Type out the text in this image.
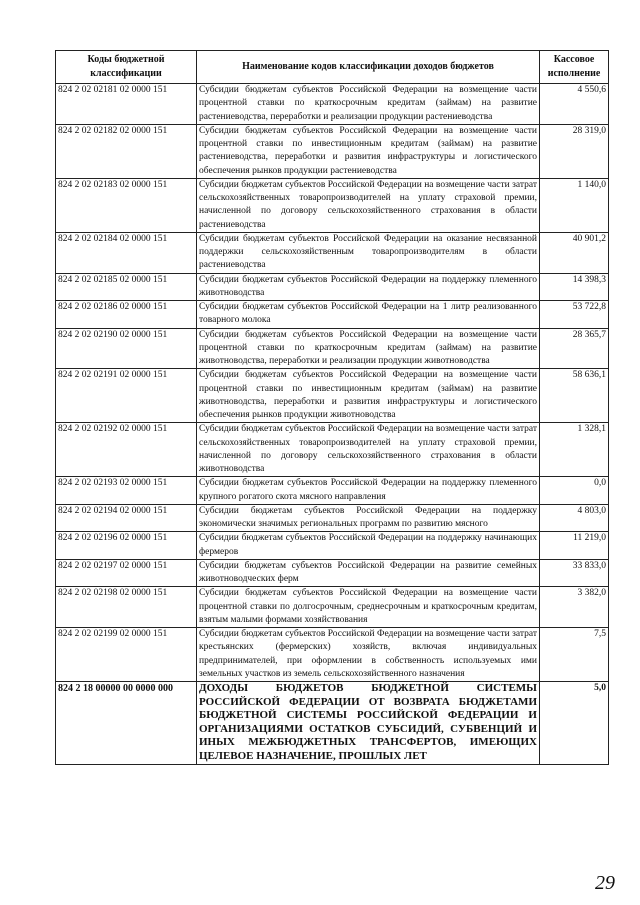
Коды бюджетной классификации	Наименование кодов классификации доходов бюджетов	Кассовое исполнение
824 2 02 02181 02 0000 151	Субсидии бюджетам субъектов Российской Федерации на возмещение части процентной ставки по краткосрочным кредитам (займам) на развитие растениеводства, переработки и реализации продукции растениеводства	4 550,6
824 2 02 02182 02 0000 151	Субсидии бюджетам субъектов Российской Федерации на возмещение части процентной ставки по инвестиционным кредитам (займам) на развитие растениеводства, переработки и развития инфраструктуры и логистического обеспечения рынков продукции растениеводства	28 319,0
824 2 02 02183 02 0000 151	Субсидии бюджетам субъектов Российской Федерации на возмещение части затрат сельскохозяйственных товаропроизводителей на уплату страховой премии, начисленной по договору сельскохозяйственного страхования в области растениеводства	1 140,0
824 2 02 02184 02 0000 151	Субсидии бюджетам субъектов Российской Федерации на оказание несвязанной поддержки сельскохозяйственным товаропроизводителям в области растениеводства	40 901,2
824 2 02 02185 02 0000 151	Субсидии бюджетам субъектов Российской Федерации на поддержку племенного животноводства	14 398,3
824 2 02 02186 02 0000 151	Субсидии бюджетам субъектов Российской Федерации на 1 литр реализованного товарного молока	53 722,8
824 2 02 02190 02 0000 151	Субсидии бюджетам субъектов Российской Федерации на возмещение части процентной ставки по краткосрочным кредитам (займам) на развитие животноводства, переработки и реализации продукции животноводства	28 365,7
824 2 02 02191 02 0000 151	Субсидии бюджетам субъектов Российской Федерации на возмещение части процентной ставки по инвестиционным кредитам (займам) на развитие животноводства, переработки и развития инфраструктуры и логистического обеспечения рынков продукции животноводства	58 636,1
824 2 02 02192 02 0000 151	Субсидии бюджетам субъектов Российской Федерации на возмещение части затрат сельскохозяйственных товаропроизводителей на уплату страховой премии, начисленной по договору сельскохозяйственного страхования в области животноводства	1 328,1
824 2 02 02193 02 0000 151	Субсидии бюджетам субъектов Российской Федерации на поддержку племенного крупного рогатого скота мясного направления	0,0
824 2 02 02194 02 0000 151	Субсидии бюджетам субъектов Российской Федерации на поддержку экономически значимых региональных программ по развитию мясного	4 803,0
824 2 02 02196 02 0000 151	Субсидии бюджетам субъектов Российской Федерации на поддержку начинающих фермеров	11 219,0
824 2 02 02197 02 0000 151	Субсидии бюджетам субъектов Российской Федерации на развитие семейных животноводческих ферм	33 833,0
824 2 02 02198 02 0000 151	Субсидии бюджетам субъектов Российской Федерации на возмещение части процентной ставки по долгосрочным, среднесрочным и краткосрочным кредитам, взятым малыми формами хозяйствования	3 382,0
824 2 02 02199 02 0000 151	Субсидии бюджетам субъектов Российской Федерации на возмещение части затрат крестьянских (фермерских) хозяйств, включая индивидуальных предпринимателей, при оформлении в собственность используемых ими земельных участков из земель сельскохозяйственного назначения	7,5
824 2 18 00000 00 0000 000	ДОХОДЫ БЮДЖЕТОВ БЮДЖЕТНОЙ СИСТЕМЫ РОССИЙСКОЙ ФЕДЕРАЦИИ ОТ ВОЗВРАТА БЮДЖЕТАМИ БЮДЖЕТНОЙ СИСТЕМЫ РОССИЙСКОЙ ФЕДЕРАЦИИ И ОРГАНИЗАЦИЯМИ ОСТАТКОВ СУБСИДИЙ, СУБВЕНЦИЙ И ИНЫХ МЕЖБЮДЖЕТНЫХ ТРАНСФЕРТОВ, ИМЕЮЩИХ ЦЕЛЕВОЕ НАЗНАЧЕНИЕ, ПРОШЛЫХ ЛЕТ	5,0
29
